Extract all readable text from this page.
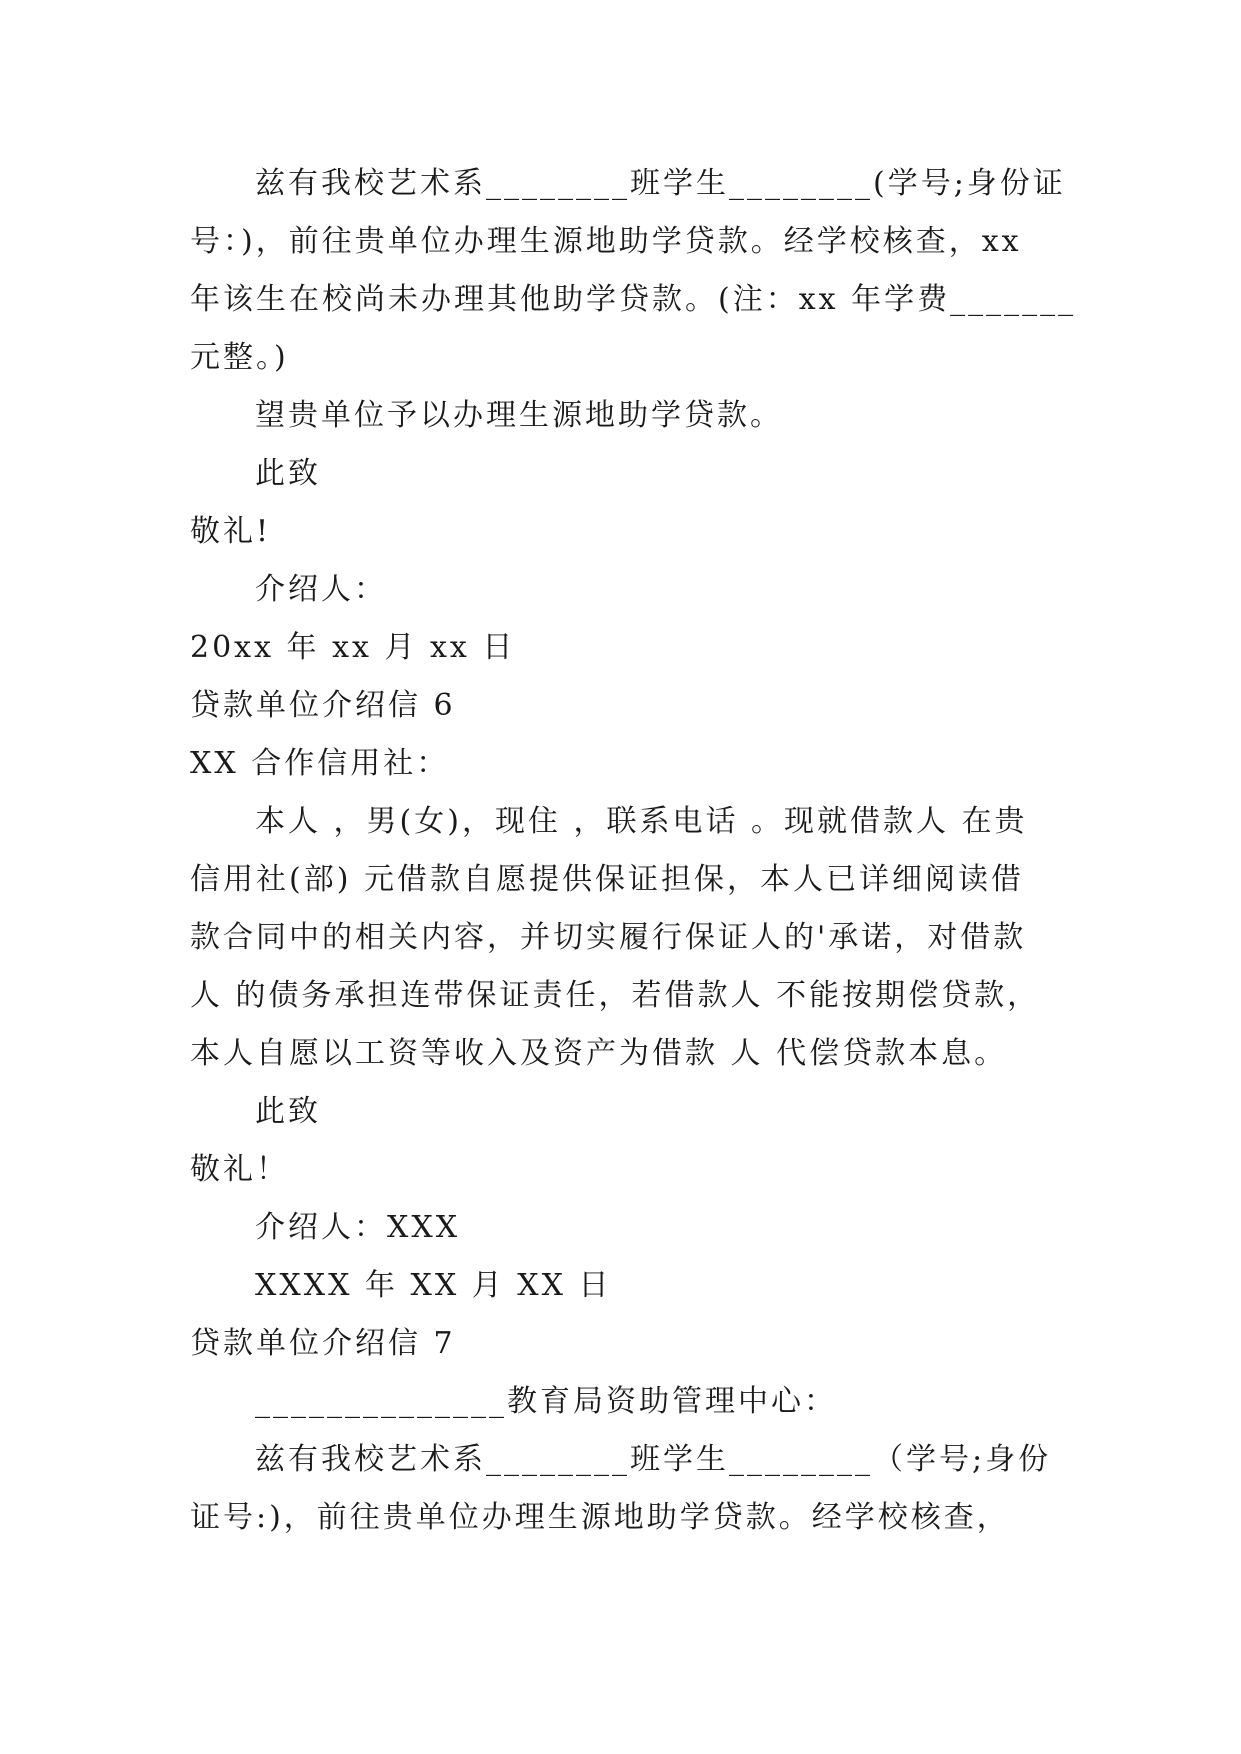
兹有我校艺术系________班学生________(学号;身份证
号：)，前往贵单位办理生源地助学贷款。经学校核查，xx
年该生在校尚未办理其他助学贷款。(注：xx 年学费_______
元整。)
望贵单位予以办理生源地助学贷款。
此致
敬礼!
介绍人：
20xx 年 xx 月 xx 日
贷款单位介绍信 6
XX 合作信用社：
本人 ，男(女)，现住 ，联系电话 。现就借款人 在贵
信用社(部) 元借款自愿提供保证担保，本人已详细阅读借
款合同中的相关内容，并切实履行保证人的'承诺，对借款
人 的债务承担连带保证责任，若借款人 不能按期偿贷款，
本人自愿以工资等收入及资产为借款 人 代偿贷款本息。
此致
敬礼！
介绍人：XXX
XXXX 年 XX 月 XX 日
贷款单位介绍信 7
______________教育局资助管理中心：
兹有我校艺术系________班学生________（学号;身份
证号:)，前往贵单位办理生源地助学贷款。经学校核查，
